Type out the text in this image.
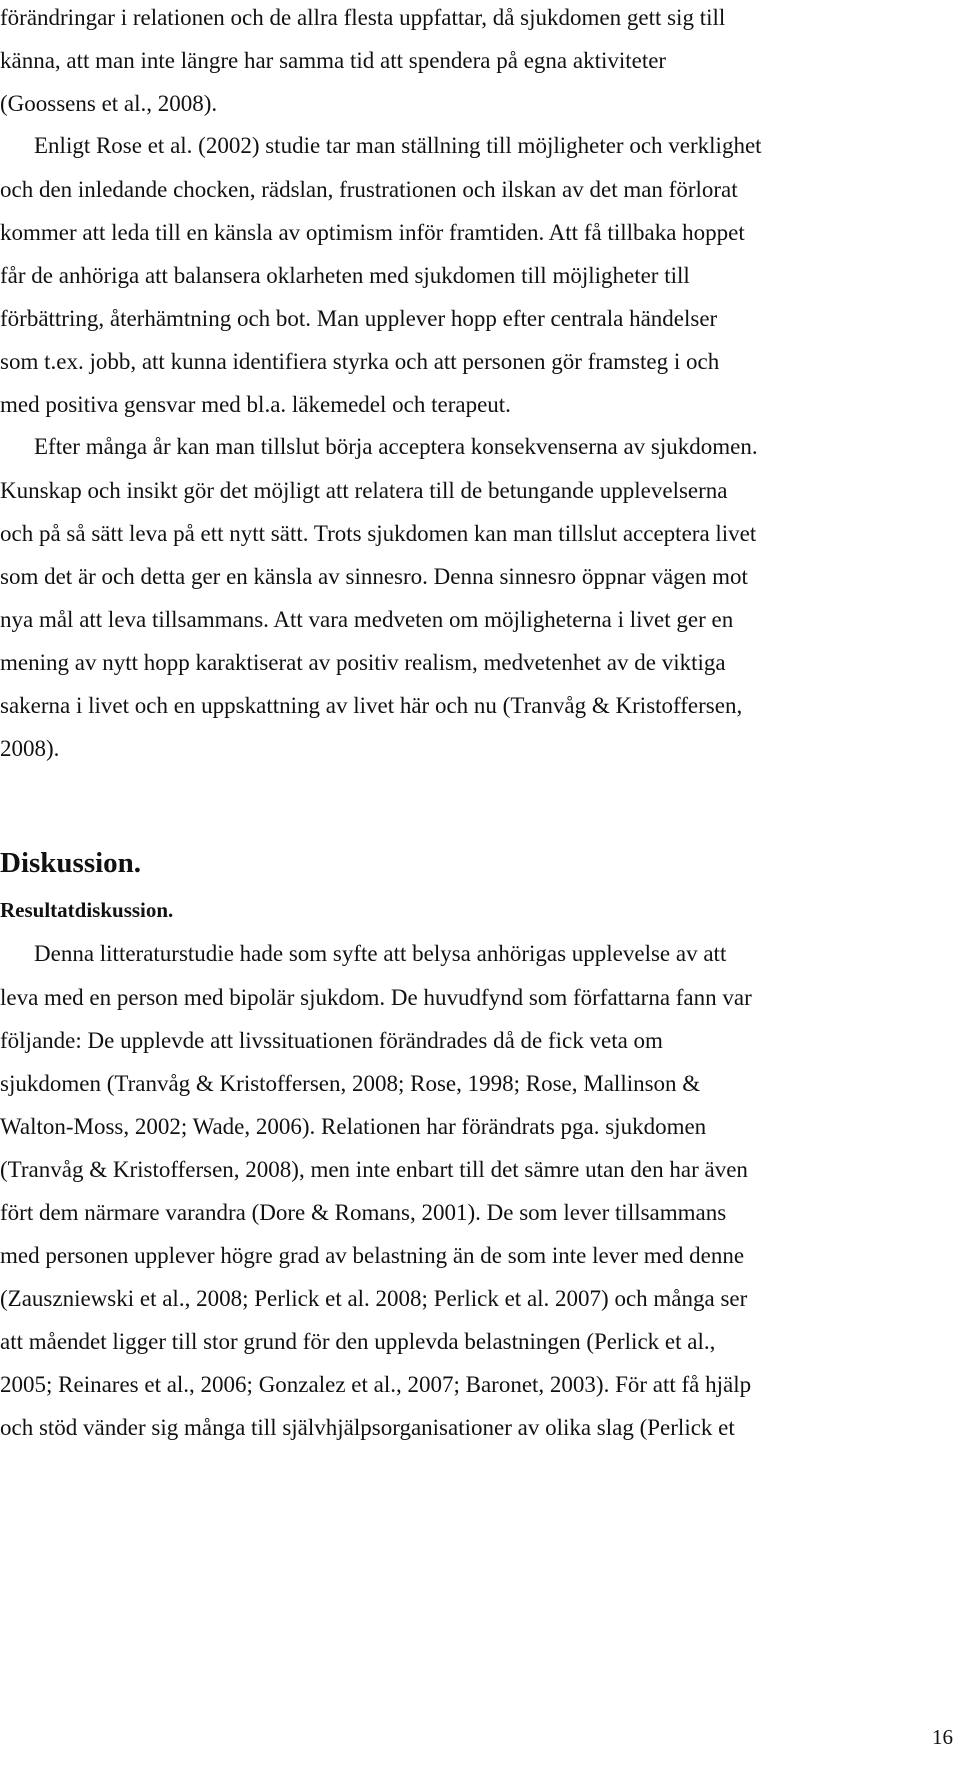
förändringar i relationen och de allra flesta uppfattar, då sjukdomen gett sig till
känna, att man inte längre har samma tid att spendera på egna aktiviteter
(Goossens et al., 2008).
Enligt Rose et al. (2002) studie tar man ställning till möjligheter och verklighet
och den inledande chocken, rädslan, frustrationen och ilskan av det man förlorat
kommer att leda till en känsla av optimism inför framtiden. Att få tillbaka hoppet
får de anhöriga att balansera oklarheten med sjukdomen till möjligheter till
förbättring, återhämtning och bot. Man upplever hopp efter centrala händelser
som t.ex. jobb, att kunna identifiera styrka och att personen gör framsteg i och
med positiva gensvar med bl.a. läkemedel och terapeut.
Efter många år kan man tillslut börja acceptera konsekvenserna av sjukdomen.
Kunskap och insikt gör det möjligt att relatera till de betungande upplevelserna
och på så sätt leva på ett nytt sätt. Trots sjukdomen kan man tillslut acceptera livet
som det är och detta ger en känsla av sinnesro. Denna sinnesro öppnar vägen mot
nya mål att leva tillsammans. Att vara medveten om möjligheterna i livet ger en
mening av nytt hopp karaktiserat av positiv realism, medvetenhet av de viktiga
sakerna i livet och en uppskattning av livet här och nu (Tranvåg & Kristoffersen,
2008).
Diskussion.
Resultatdiskussion.
Denna litteraturstudie hade som syfte att belysa anhörigas upplevelse av att
leva med en person med bipolär sjukdom. De huvudfynd som författarna fann var
följande: De upplevde att livssituationen förändrades då de fick veta om
sjukdomen (Tranvåg & Kristoffersen, 2008; Rose, 1998; Rose, Mallinson &
Walton-Moss, 2002; Wade, 2006). Relationen har förändrats pga. sjukdomen
(Tranvåg & Kristoffersen, 2008), men inte enbart till det sämre utan den har även
fört dem närmare varandra (Dore & Romans, 2001). De som lever tillsammans
med personen upplever högre grad av belastning än de som inte lever med denne
(Zauszniewski et al., 2008; Perlick et al. 2008; Perlick et al. 2007) och många ser
att måendet ligger till stor grund för den upplevda belastningen (Perlick et al.,
2005; Reinares et al., 2006; Gonzalez et al., 2007; Baronet, 2003). För att få hjälp
och stöd vänder sig många till självhjälpsorganisationer av olika slag (Perlick et
16
